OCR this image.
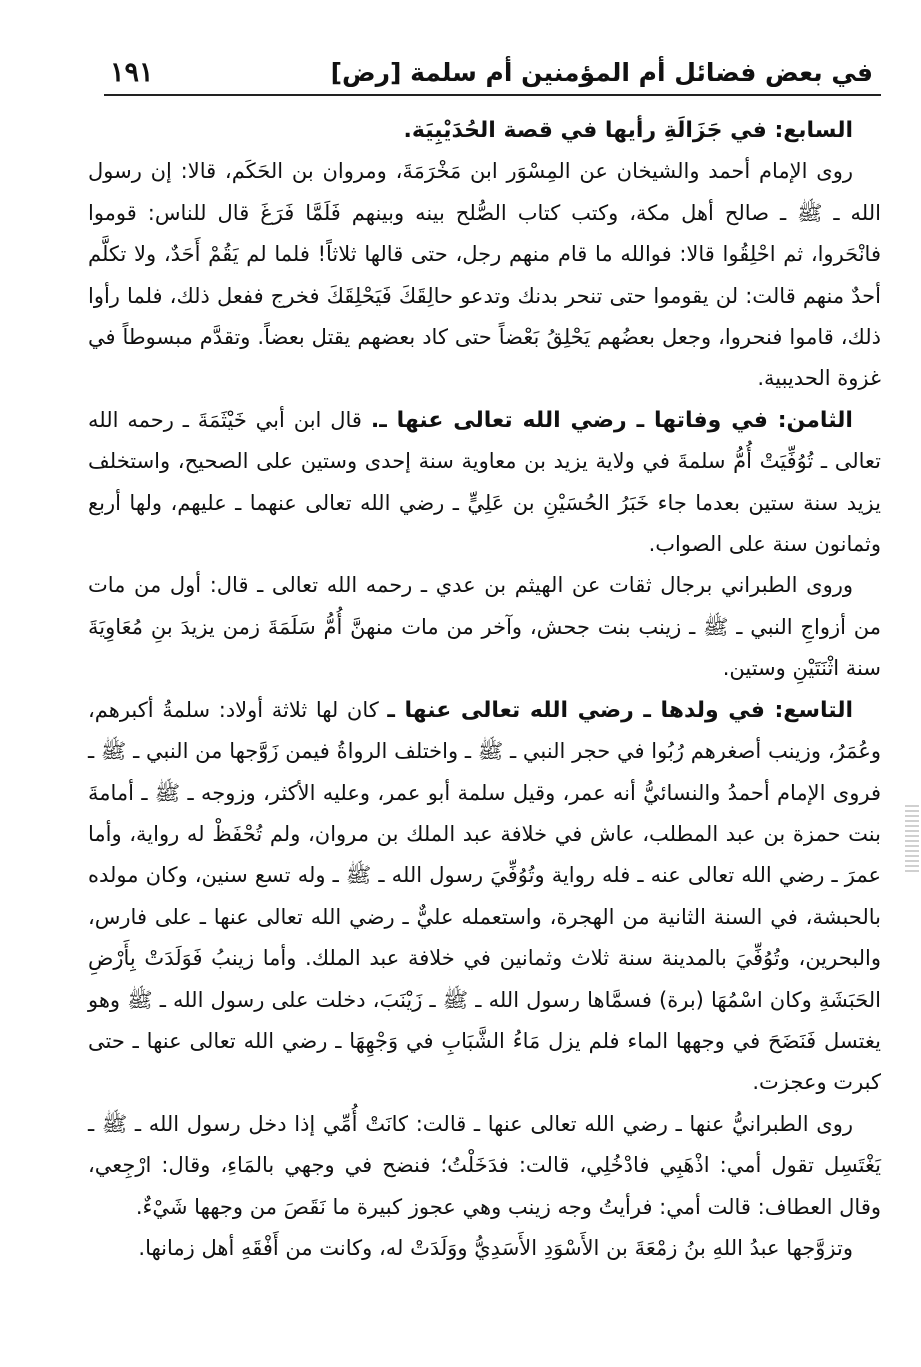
في بعض فضائل أم المؤمنين أم سلمة [رض]
١٩١

السابع: في جَزَالَةِ رأيها في قصة الحُدَيْبِيَة.

روى الإمام أحمد والشيخان عن المِسْوَر ابن مَخْرَمَةَ، ومروان بن الحَكَم، قالا: إن رسول الله ـ ﷺ ـ صالح أهل مكة، وكتب كتاب الصُّلح بينه وبينهم فَلَمَّا فَرَغَ قال للناس: قوموا فانْحَروا، ثم احْلِقُوا قالا: فوالله ما قام منهم رجل، حتى قالها ثلاثاً! فلما لم يَقُمْ أَحَدٌ، ولا تكلَّم أحدٌ منهم قالت: لن يقوموا حتى تنحر بدنك وتدعو حالِقَكَ فَيَحْلِقَكَ فخرج ففعل ذلك، فلما رأوا ذلك، قاموا فنحروا، وجعل بعضُهم يَحْلِقُ بَعْضاً حتى كاد بعضهم يقتل بعضاً. وتقدَّم مبسوطاً في غزوة الحديبية.

الثامن: في وفاتها ـ رضي الله تعالى عنها ـ. قال ابن أبي خَيْثَمَةَ ـ رحمه الله تعالى ـ تُوُفِّيَتْ أُمُّ سلمةَ في ولاية يزيد بن معاوية سنة إحدى وستين على الصحيح، واستخلف يزيد سنة ستين بعدما جاء خَبَرُ الحُسَيْنِ بن عَلِيٍّ ـ رضي الله تعالى عنهما ـ عليهم، ولها أربع وثمانون سنة على الصواب.

وروى الطبراني برجال ثقات عن الهيثم بن عدي ـ رحمه الله تعالى ـ قال: أول من مات من أزواجِ النبي ـ ﷺ ـ زينب بنت جحش، وآخر من مات منهنَّ أُمُّ سَلَمَةَ زمن يزيدَ بنِ مُعَاوِيَةَ سنة اثْنَتَيْنِ وستين.

التاسع: في ولدها ـ رضي الله تعالى عنها ـ كان لها ثلاثة أولاد: سلمةُ أكبرهم، وعُمَرُ، وزينب أصغرهم رُبُوا في حجر النبي ـ ﷺ ـ واختلف الرواةُ فيمن زَوَّجها من النبي ـ ﷺ ـ فروى الإمام أحمدُ والنسائيُّ أنه عمر، وقيل سلمة أبو عمر، وعليه الأكثر، وزوجه ـ ﷺ ـ أمامةَ بنت حمزة بن عبد المطلب، عاش في خلافة عبد الملك بن مروان، ولم تُحْفَظْ له رواية، وأما عمرَ ـ رضي الله تعالى عنه ـ فله رواية وتُوُفِّيَ رسول الله ـ ﷺ ـ وله تسع سنين، وكان مولده بالحبشة، في السنة الثانية من الهجرة، واستعمله عليٌّ ـ رضي الله تعالى عنها ـ على فارس، والبحرين، وتُوُفِّيَ بالمدينة سنة ثلاث وثمانين في خلافة عبد الملك. وأما زينبُ فَوَلَدَتْ بِأَرْضِ الحَبَشَةِ وكان اسْمُهَا (برة) فسمَّاها رسول الله ـ ﷺ ـ زَيْنَبَ، دخلت على رسول الله ـ ﷺ وهو يغتسل فَنَضَحَ في وجهها الماء فلم يزل مَاءُ الشَّبَابِ في وَجْهِهَا ـ رضي الله تعالى عنها ـ حتى كبرت وعجزت.

روى الطبرانيُّ عنها ـ رضي الله تعالى عنها ـ قالت: كانَتْ أُمِّي إذا دخل رسول الله ـ ﷺ ـ يَغْتَسِل تقول أمي: اذْهَبِي فادْخُلِي، قالت: فدَخَلْتُ؛ فنضح في وجهي بالمَاءِ، وقال: ارْجِعي، وقال العطاف: قالت أمي: فرأيتُ وجه زينب وهي عجوز كبيرة ما نَقَصَ من وجهها شَيْءٌ.

وتزوَّجها عبدُ اللهِ بنُ زمْعَةَ بن الأَسْوَدِ الأَسَدِيُّ ووَلَدَتْ له، وكانت من أَفْقَهِ أهل زمانها.
